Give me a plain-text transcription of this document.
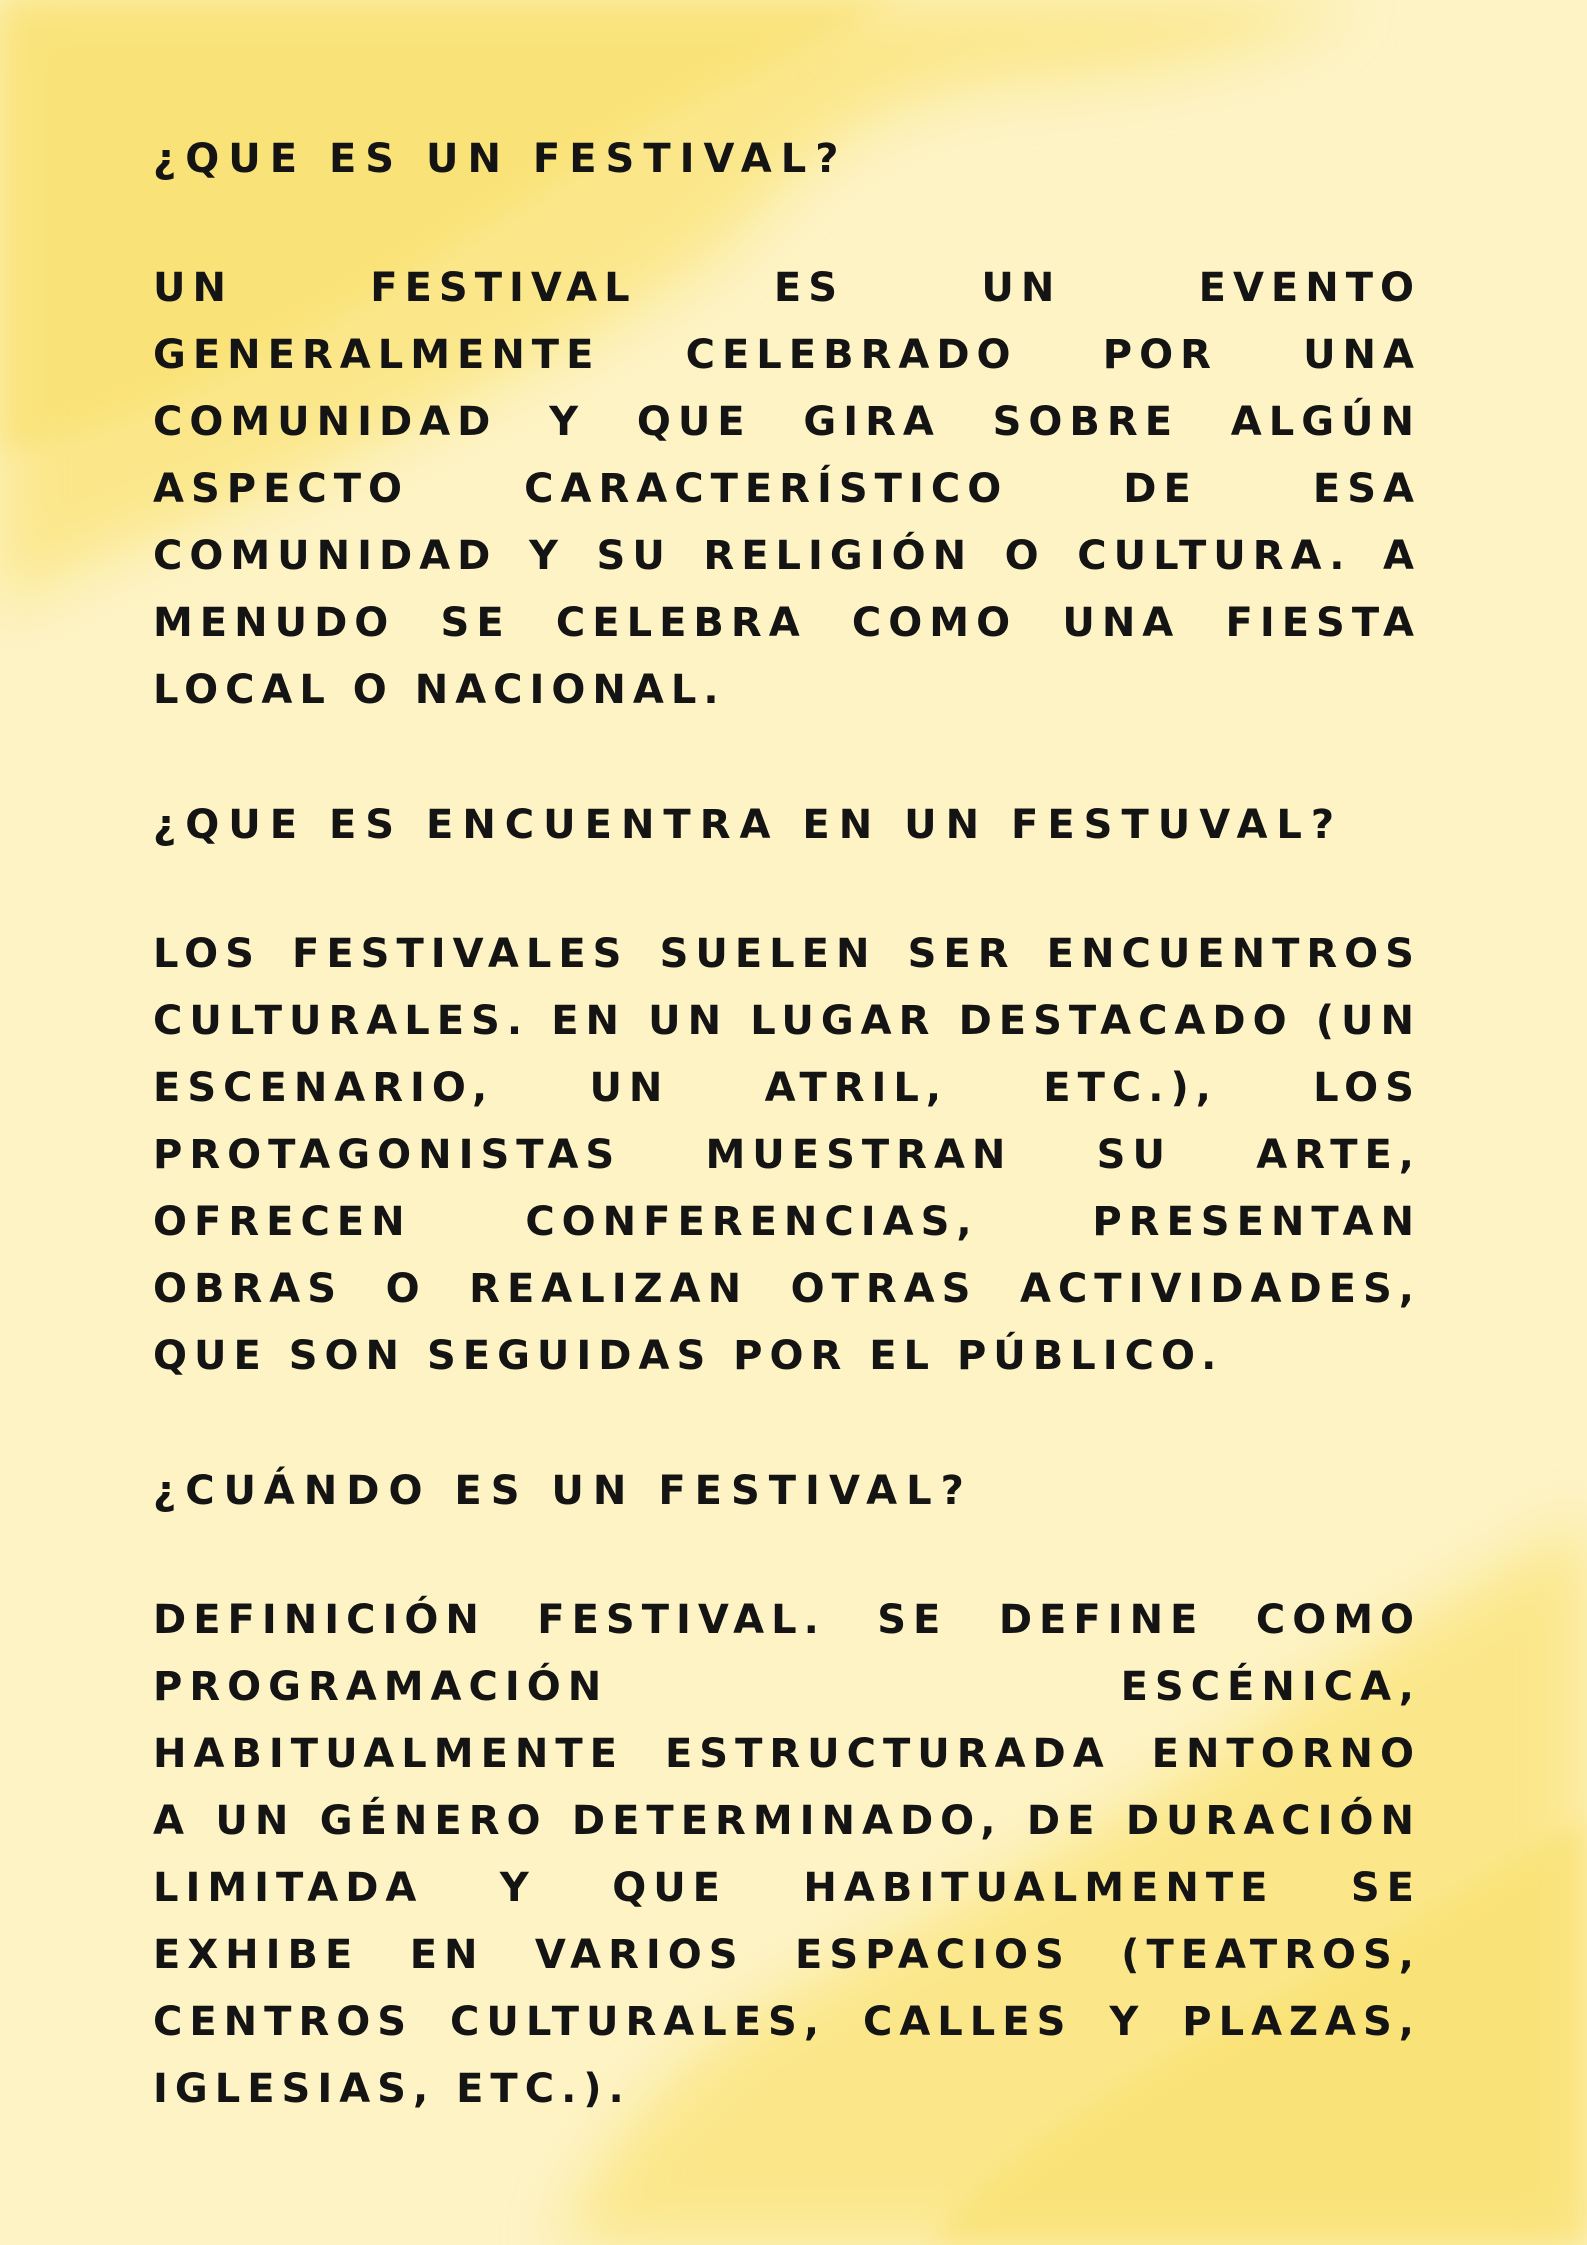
¿QUE ES UN FESTIVAL?

UN FESTIVAL ES UN EVENTO GENERALMENTE CELEBRADO POR UNA COMUNIDAD Y QUE GIRA SOBRE ALGÚN ASPECTO CARACTERÍSTICO DE ESA COMUNIDAD Y SU RELIGIÓN O CULTURA. A MENUDO SE CELEBRA COMO UNA FIESTA LOCAL O NACIONAL.

¿QUE ES ENCUENTRA EN UN FESTUVAL?

LOS FESTIVALES SUELEN SER ENCUENTROS CULTURALES. EN UN LUGAR DESTACADO (UN ESCENARIO, UN ATRIL, ETC.), LOS PROTAGONISTAS MUESTRAN SU ARTE, OFRECEN CONFERENCIAS, PRESENTAN OBRAS O REALIZAN OTRAS ACTIVIDADES, QUE SON SEGUIDAS POR EL PÚBLICO.

¿CUÁNDO ES UN FESTIVAL?

DEFINICIÓN FESTIVAL. SE DEFINE COMO PROGRAMACIÓN ESCÉNICA, HABITUALMENTE ESTRUCTURADA ENTORNO A UN GÉNERO DETERMINADO, DE DURACIÓN LIMITADA Y QUE HABITUALMENTE SE EXHIBE EN VARIOS ESPACIOS (TEATROS, CENTROS CULTURALES, CALLES Y PLAZAS, IGLESIAS, ETC.).
